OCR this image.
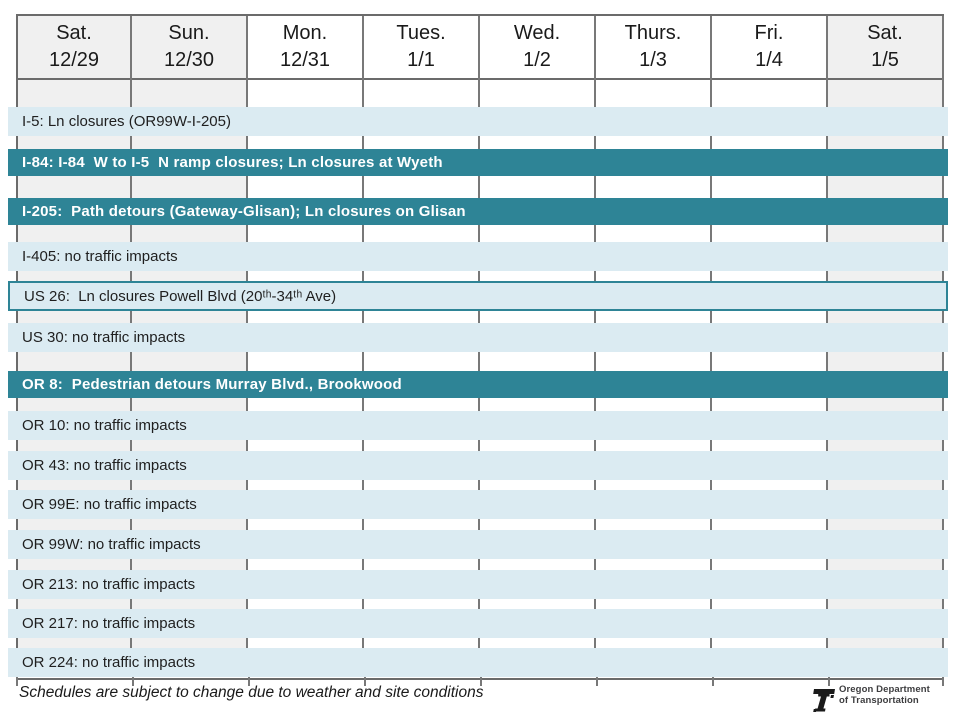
Sat.
12/29
Sun.
12/30
Mon.
12/31
Tues.
1/1
Wed.
1/2
Thurs.
1/3
Fri.
1/4
Sat.
1/5
Schedules are subject to change due to weather and site conditions	Oregon Department
of Transportation
I-5: Ln closures (OR99W-I-205)
I-84: I-84  W to I-5  N ramp closures; Ln closures at Wyeth
I-205:  Path detours (Gateway-Glisan); Ln closures on Glisan
I-405: no traffic impacts
US 26:  Ln closures Powell Blvd (20ᵗʰ-34ᵗʰ Ave)
US 30: no traffic impacts
OR 8:  Pedestrian detours Murray Blvd., Brookwood
OR 10: no traffic impacts
OR 43: no traffic impacts
OR 99E: no traffic impacts
OR 99W: no traffic impacts
OR 213: no traffic impacts
OR 217: no traffic impacts
OR 224: no traffic impacts
